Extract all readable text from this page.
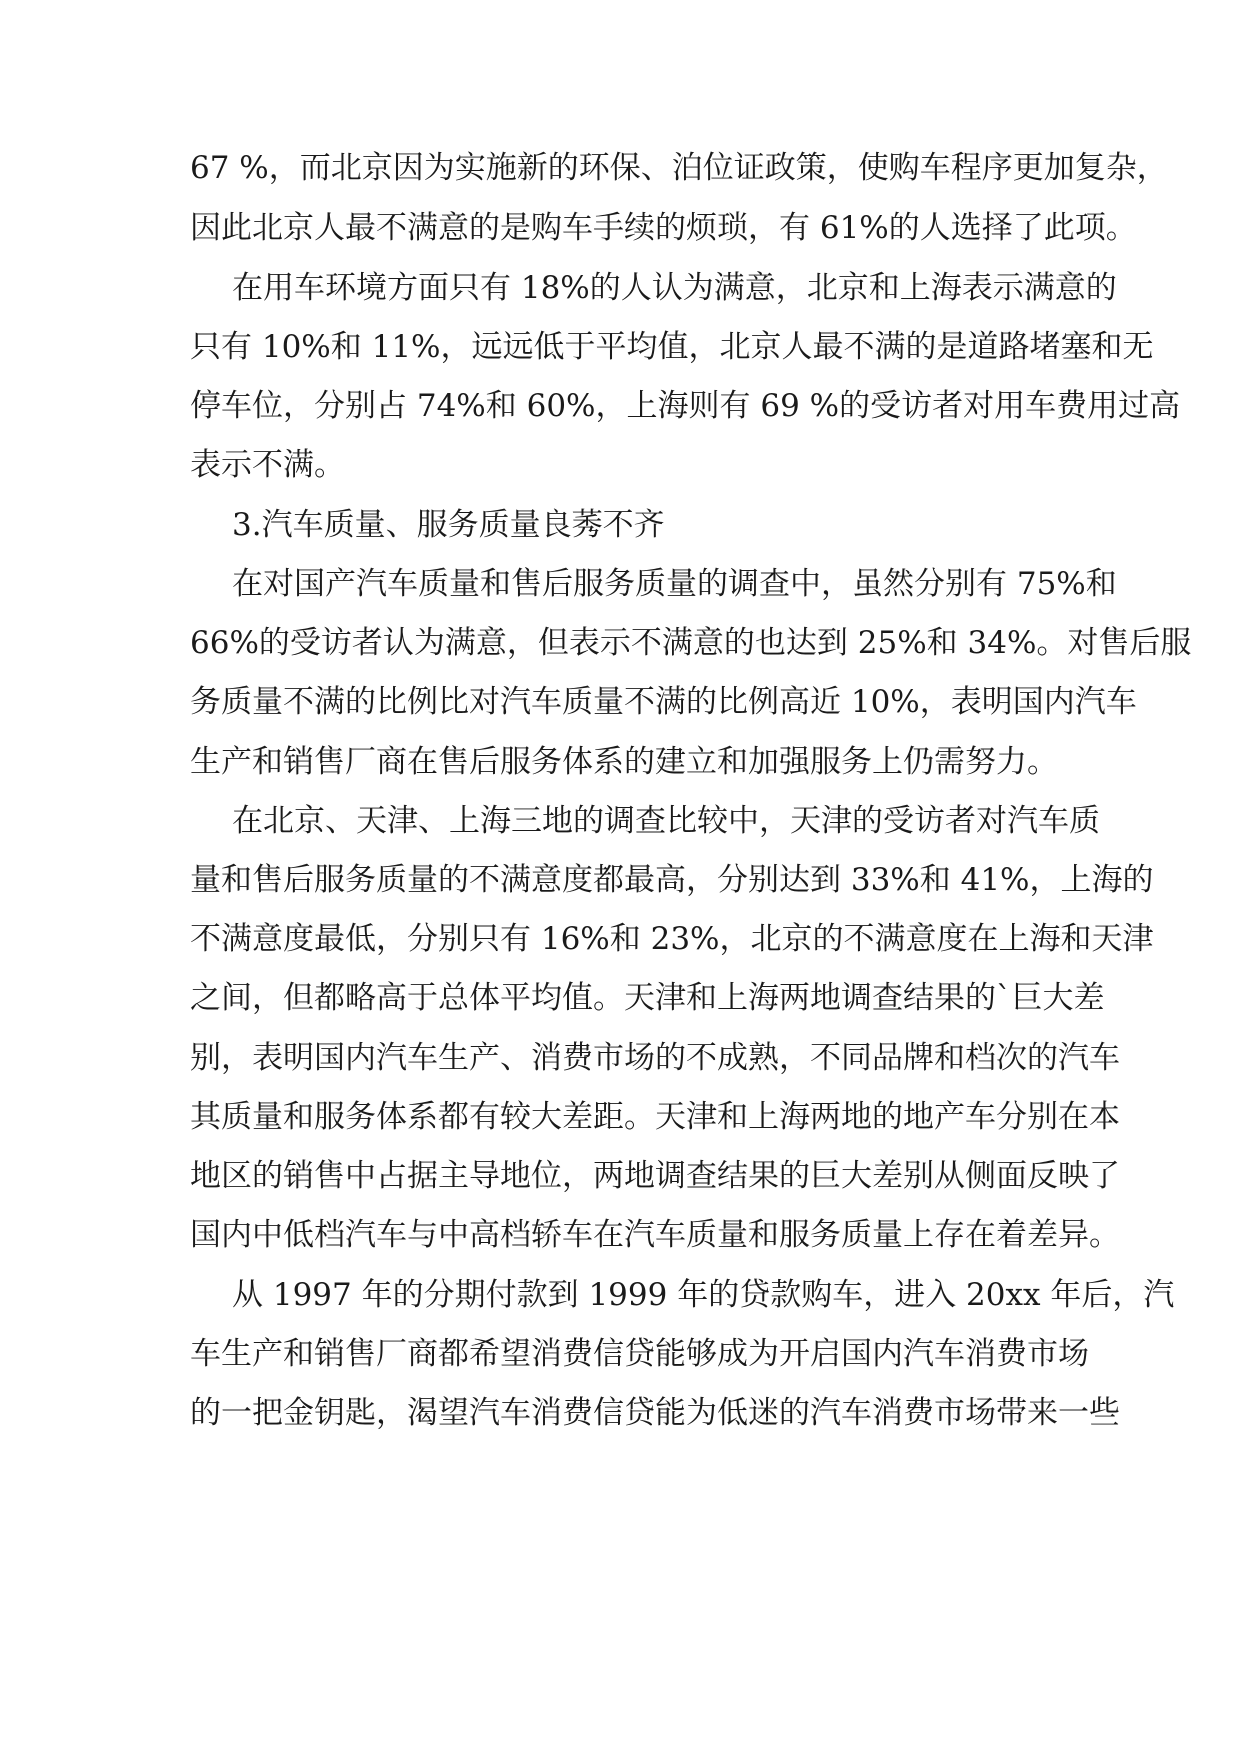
67 %，而北京因为实施新的环保、泊位证政策，使购车程序更加复杂，
因此北京人最不满意的是购车手续的烦琐，有 61%的人选择了此项。
在用车环境方面只有 18%的人认为满意，北京和上海表示满意的
只有 10%和 11%，远远低于平均值，北京人最不满的是道路堵塞和无
停车位，分别占 74%和 60%，上海则有 69 %的受访者对用车费用过高
表示不满。
3.汽车质量、服务质量良莠不齐
在对国产汽车质量和售后服务质量的调查中，虽然分别有 75%和
66%的受访者认为满意，但表示不满意的也达到 25%和 34%。对售后服
务质量不满的比例比对汽车质量不满的比例高近 10%，表明国内汽车
生产和销售厂商在售后服务体系的建立和加强服务上仍需努力。
在北京、天津、上海三地的调查比较中，天津的受访者对汽车质
量和售后服务质量的不满意度都最高，分别达到 33%和 41%，上海的
不满意度最低，分别只有 16%和 23%，北京的不满意度在上海和天津
之间，但都略高于总体平均值。天津和上海两地调查结果的`巨大差
别，表明国内汽车生产、消费市场的不成熟，不同品牌和档次的汽车
其质量和服务体系都有较大差距。天津和上海两地的地产车分别在本
地区的销售中占据主导地位，两地调查结果的巨大差别从侧面反映了
国内中低档汽车与中高档轿车在汽车质量和服务质量上存在着差异。
从 1997 年的分期付款到 1999 年的贷款购车，进入 20xx 年后，汽
车生产和销售厂商都希望消费信贷能够成为开启国内汽车消费市场
的一把金钥匙，渴望汽车消费信贷能为低迷的汽车消费市场带来一些
